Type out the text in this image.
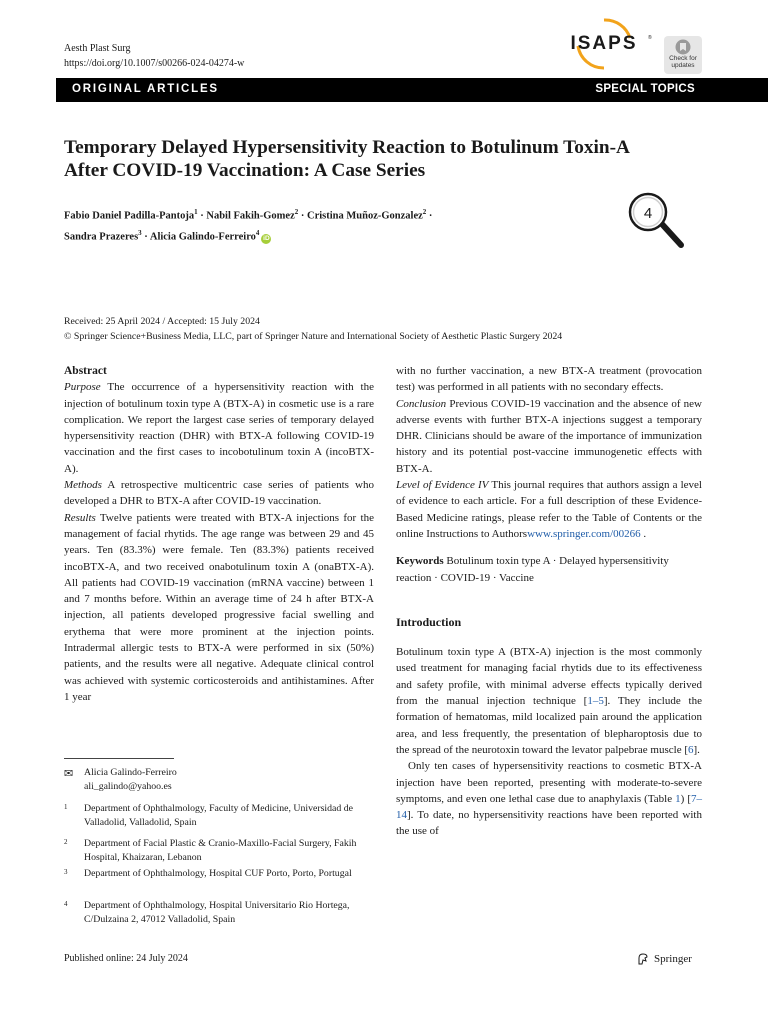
Aesth Plast Surg
https://doi.org/10.1007/s00266-024-04274-w
ISAPS ®
Check for
updates
ORIGINAL ARTICLES	SPECIAL TOPICS
Temporary Delayed Hypersensitivity Reaction to Botulinum Toxin-A After COVID-19 Vaccination: A Case Series
Fabio Daniel Padilla-Pantoja$^1$ · Nabil Fakih-Gomez$^2$ · Cristina Muñoz-Gonzalez$^2$ ·
Sandra Prazeres$^3$ · Alicia Galindo-Ferreiro$^4$iD
4
Received: 25 April 2024 / Accepted: 15 July 2024
© Springer Science+Business Media, LLC, part of Springer Nature and International Society of Aesthetic Plastic Surgery 2024

Abstract

Purpose The occurrence of a hypersensitivity reaction with the injection of botulinum toxin type A (BTX-A) in cosmetic use is a rare complication. We report the largest case series of temporary delayed hypersensitivity reaction (DHR) with BTX-A following COVID-19 vaccination and the first cases to incobotulinum toxin A (incoBTX-A).

Methods A retrospective multicentric case series of patients who developed a DHR to BTX-A after COVID-19 vaccination.

Results Twelve patients were treated with BTX-A injections for the management of facial rhytids. The age range was between 29 and 45 years. Ten (83.3%) were female. Ten (83.3%) patients received incoBTX-A, and two received onabotulinum toxin A (onaBTX-A). All patients had COVID-19 vaccination (mRNA vaccine) between 1 and 7 months before. Within an average time of 24 h after BTX-A injection, all patients developed progressive facial swelling and erythema that were more prominent at the injection points. Intradermal allergic tests to BTX-A were performed in six (50%) patients, and the results were all negative. Adequate clinical control was achieved with systemic corticosteroids and antihistamines. After 1 year

with no further vaccination, a new BTX-A treatment (provocation test) was performed in all patients with no secondary effects.

Conclusion Previous COVID-19 vaccination and the absence of new adverse events with further BTX-A injections suggest a temporary DHR. Clinicians should be aware of the importance of immunization history and its potential post-vaccine immunogenetic effects with BTX-A.

Level of Evidence IV This journal requires that authors assign a level of evidence to each article. For a full description of these Evidence-Based Medicine ratings, please refer to the Table of Contents or the online Instructions to Authorswww.springer.com/00266 .

Keywords Botulinum toxin type A · Delayed hypersensitivity reaction · COVID-19 · Vaccine

Introduction

Botulinum toxin type A (BTX-A) injection is the most commonly used treatment for managing facial rhytids due to its effectiveness and safety profile, with minimal adverse effects typically derived from the manual injection technique [1–5]. They include the formation of hematomas, mild localized pain around the application area, and less frequently, the presentation of blepharoptosis due to the spread of the neurotoxin toward the levator palpebrae muscle [6].

Only ten cases of hypersensitivity reactions to cosmetic BTX-A injection have been reported, presenting with moderate-to-severe symptoms, and even one lethal case due to anaphylaxis (Table 1) [7–14]. To date, no hypersensitivity reactions have been reported with the use of

✉ Alicia Galindo-Ferreiro
ali_galindo@yahoo.es
1 Department of Ophthalmology, Faculty of Medicine, Universidad de Valladolid, Valladolid, Spain
2 Department of Facial Plastic & Cranio-Maxillo-Facial Surgery, Fakih Hospital, Khaizaran, Lebanon
3 Department of Ophthalmology, Hospital CUF Porto, Porto, Portugal
4 Department of Ophthalmology, Hospital Universitario Rio Hortega, C/Dulzaina 2, 47012 Valladolid, Spain
Published online: 24 July 2024	Springer
